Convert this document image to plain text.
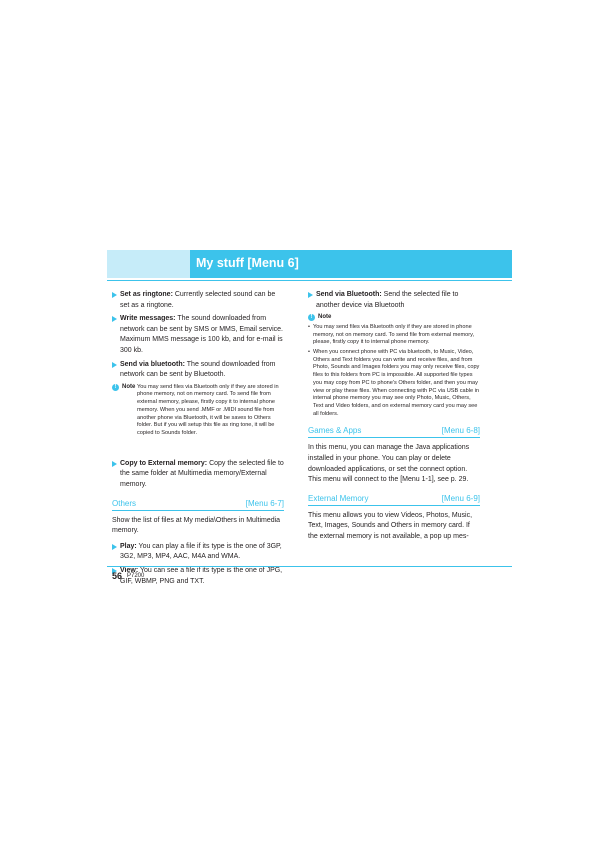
My stuff [Menu 6]
Set as ringtone: Currently selected sound can be set as a ringtone.
Write messages: The sound downloaded from network can be sent by SMS or MMS, Email service. Maximum MMS message is 100 kb, and for e-mail is 300 kb.
Send via bluetooth: The sound downloaded from network can be sent by Bluetooth.
! Note You may send files via Bluetooth only if they are stored in phone memory, not on memory card. To send file from external memory, please, firstly copy it to internal phone memory. When you send .MMF or .MIDI sound file from another phone via Bluetooth, it will be saves to Others folder. But if you will setup this file as ring tone, it will be copied to Sounds folder.
Copy to External memory: Copy the selected file to the same folder at Multimedia memory/External memory.
Others	[Menu 6-7]
Show the list of files at My media\Others in Multimedia memory.
Play: You can play a file if its type is the one of 3GP, 3G2, MP3, MP4, AAC, M4A and WMA.
View: You can see a file if its type is the one of JPG, GIF, WBMP, PNG and TXT.
Send via Bluetooth: Send the selected file to another device via Bluetooth
! Note
• You may send files via Bluetooth only if they are stored in phone memory, not on memory card. To send file from external memory, please, firstly copy it to internal phone memory.
• When you connect phone with PC via bluetooth, to Music, Video, Others and Text folders you can write and receive files, and from Photo, Sounds and Images folders you may only receive files, copy files to this folders from PC is impossible. All supported file types you may copy from PC to phone's Others folder, and then you may view or play these files. When connecting with PC via USB cable in internal phone memory you may see only Photo, Music, Others, Text and Video folders, and on external memory card you may see all folders.
Games & Apps	[Menu 6-8]
In this menu, you can manage the Java applications installed in your phone. You can play or delete downloaded applications, or set the connect option. This menu will connect to the [Menu 1-1], see p. 29.
External Memory	[Menu 6-9]
This menu allows you to view Videos, Photos, Music, Text, Images, Sounds and Others in memory card. If the external memory is not available, a pop up mes-
56 P7200
